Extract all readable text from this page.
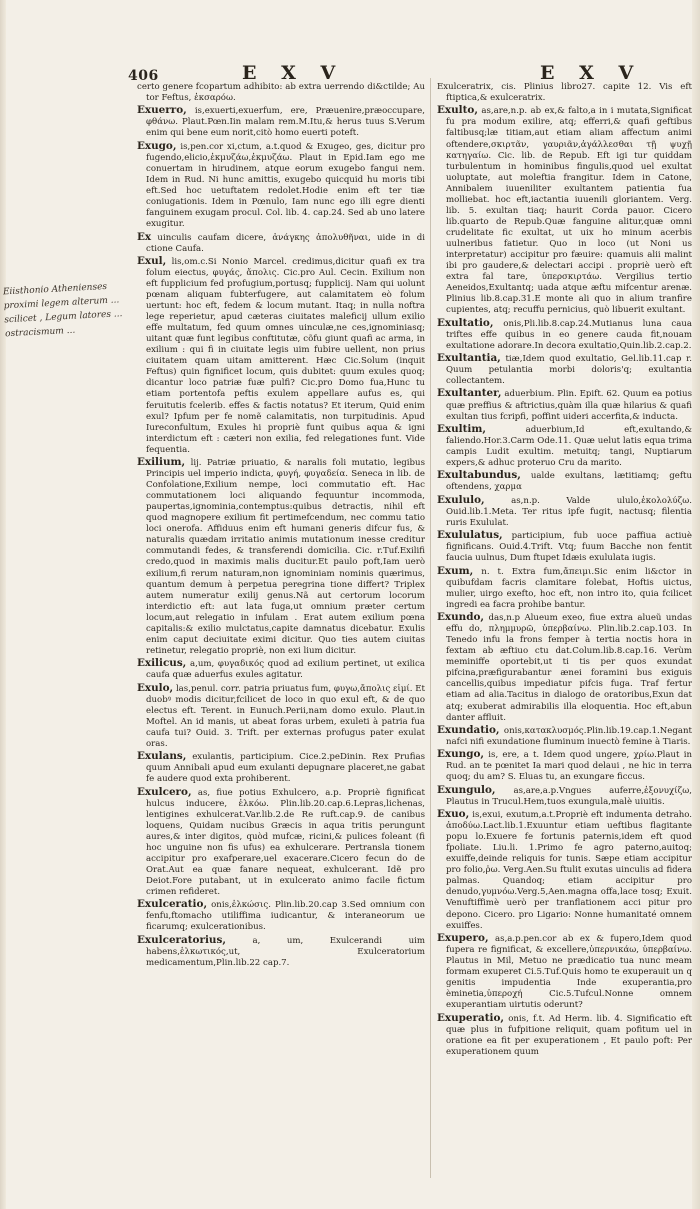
406	E X V	E X V
Eiisthonio Athenienses proximi legem alterum ... scilicet , Legum latores ... ostracismum ...

certo genere fcopartum adhibito: ab extra uerrendo di&ctilde; Au tor Feftus, ἐκσαρόω.

Exuerro, is,exuerti,exuerfum, ere, Præuenire,præoccupare, φθάνω. Plaut.Pœn.Iin malam rem.M.Itu,& herus tuus S.Verum enim qui bene eum norit,citò homo euerti poteft.

Exugo, is,pen.cor xi,ctum, a.t.quod & Exugeo, ges, dicitur pro fugendo,elicio,ἐκμυζάω,ἐκμυζάω. Plaut in Epid.Iam ego me conuertam in hirudinem, atque eorum exugebo fangui nem. Idem in Rud. Ni hunc amittis, exugebo quicquid hu moris tibi eft.Sed hoc uetuftatem redolet.Hodie enim eft ter tiæ coniugationis. Idem in Pœnulo, Iam nunc ego illi egre dienti fanguinem exugam procul. Col. lib. 4. cap.24. Sed ab uno latere exugitur.

Ex uinculis caufam dicere, ἀνάγκης ἀπολυθῆναι, uide in di ctione Caufa.

Exul, lis,om.c.Si Nonio Marcel. credimus,dicitur quafi ex tra folum eiectus, φυγάς, ἄπολις. Cic.pro Aul. Cecin. Exilium non eft fupplicium fed profugium,portusq; fupplicij. Nam qui uolunt pœnam aliquam fubterfugere, aut calamitatem eò folum uertunt: hoc eft, fedem & locum mutant. Itaq; in nulla noftra lege reperietur, apud cæteras ciuitates maleficij ullum exilio effe multatum, fed quum omnes uinculæ,ne ces,ignominiasq; uitant quæ funt legibus conftitutæ, cõfu giunt quafi ac arma, in exilium : qui fi in ciuitate legis uim fubire uellent, non prius ciuitatem quam uitam amitterent. Hæc Cic.Solum (inquit Feftus) quin fignificet locum, quis dubitet: quum exules quoq; dicantur loco patriæ fuæ pulfi? Cic.pro Domo fua,Hunc tu etiam portentofa peftis exulem appellare aufus es, qui feruitutis fcelerib. effes & factis notatus? Et iterum, Quid enim exul? Ipfum per fe nomẽ calamitatis, non turpitudinis. Apud Iureconfultum, Exules hi propriè funt quibus aqua & igni interdictum eft : cæteri non exilia, fed relegationes funt. Vide fequentia.

Exilium, lij. Patriæ priuatio, & naralis foli mutatio, legibus Principis uel imperio indicta, φυγή, φυγαδεία. Seneca in lib. de Confolatione,Exilium nempe, loci commutatio eft. Hac commutationem loci aliquando fequuntur incommoda, paupertas,ignominia,contemptus:quibus detractis, nihil eft quod magnopere exilium fit pertimefcendum, nec commu tatio loci onerofa. Affiduus enim eft humani generis difcur fus, & naturalis quædam irritatio animis mutationum inesse creditur commutandi fedes, & transferendi domicilia. Cic. r.Tuf.Exilifi credo,quod in maximis malis ducitur.Et paulo poft,Iam uerò exilium,fi rerum naturam,non ignominiam nominis quærimus, quantum demum à perpetua peregrina tione differt? Triplex autem numeratur exilij genus.Nã aut certorum locorum interdictio eft: aut lata fuga,ut omnium præter certum locum,aut relegatio in infulam . Erat autem exilium pœna capitalis:& exilio mulctatus,capite damnatus dicebatur. Exulis enim caput deciuitate eximi dicitur. Quo ties autem ciuitas retinetur, relegatio propriè, non exi lium dicitur.

Exilicus, a,um, φυγαδικός quod ad exilium pertinet, ut exilica caufa quæ aduerfus exules agitatur.

Exulo, las,penul. corr. patria priuatus fum, φυγω,ἄπολις εἰμί. Et duobꝰ modis dicitur,fcilicet de loco in quo exul eft, & de quo electus eft. Terent. in Eunuch.Perii,nam domo exulo. Plaut.in Moftel. An id manis, ut abeat foras urbem, exuleti à patria fua caufa tui? Ouid. 3. Trift. per externas profugus pater exulat oras.

Exulans, exulantis, participium. Cice.2.peDinin. Rex Prufias quum Annibali apud eum exulanti depugnare placeret,ne gabat fe audere quod exta prohiberent.

Exulcero, as, fiue potius Exhulcero, a.p. Propriè fignificat hulcus inducere, ἑλκόω. Plin.lib.20.cap.6.Lepras,lichenas, lentigines exhulcerat.Var.lib.2.de Re ruft.cap.9. de canibus loquens, Quidam nucibus Græcis in aqua tritis perungunt aures,& inter digitos, quòd mufcæ, ricini,& pulices foleant (fi hoc unguine non fis ufus) ea exhulcerare. Pertransla tionem accipitur pro exafperare,uel exacerare.Cicero fecun do de Orat.Aut ea quæ fanare nequeat, exhulcerant. Idẽ pro Deiot.Fore putabant, ut in exulcerato animo facile fictum crimen refideret.

Exulceratio, onis,ἐλκώσις. Plin.lib.20.cap 3.Sed omnium con fenfu,ftomacho utiliffima iudicantur, & interaneorum ue ficarumq; exulcerationibus.

Exulceratorius,	a, um, Exulcerandi uim habens,ἑλκωτικός,ut, Exulceratorium medicamentum,Plin.lib.22 cap.7.

Exulceratrix, cis. Plinius libro27. capite 12. Vis eft ftiptica,& exulceratrix.

Exulto, as,are,n.p. ab ex,& falto,a in i mutata,Significat fu pra modum exilire, atq; efferri,& quafi geftibus faltibusq;læ titiam,aut etiam aliam affectum animi oftendere,σκιρτᾶν, γαυριᾶν,ἀγάλλεσθαι τῇ ψυχῇ κατηγαίω. Cic. lib. de Repub. Eft igi tur quiddam turbulentum in hominibus fingulis,quod uel exultat uoluptate, aut moleftia frangitur. Idem in Catone, Annibalem iuueniliter exultantem patientia fua molliebat. hoc eft,iactantia iuuenili gloriantem. Verg. lib. 5. exultan tiaq; haurit Corda pauor. Cicero lib.quarto de Repub.Quæ fanguine alitur,quæ omni crudelitate fic exultat, ut uix ho minum acerbis uulneribus fatietur. Quo in loco (ut Noni us interpretatur) accipitur pro fæuire: quamuis alii malint ibi pro gaudere,& delectari accipi . propriè uerò eft extra fal tare, ὑπερσκιρτάω. Vergilius tertio Aeneidos,Exultantq; uada atque æftu mifcentur arenæ. Plinius lib.8.cap.31.E monte ali quo in alium tranfire cupientes, atq; recuffu pernicius, quò libuerit exultant.

Exultatio, onis,Pli.lib.8.cap.24.Mutianus luna caua triftes effe quibus in eo genere cauda fit,nouam exultatione adorare.In decora exultatio,Quin.lib.2.cap.2.

Exultantia, tiæ,Idem quod exultatio, Gel.lib.11.cap r. Quum petulantia morbi doloris'q; exultantia collectantem.

Exultanter, aduerbium. Plin. Epift. 62. Quum ea potius quæ preffius & aftrictius,quàm illa quæ hilarius & quafi exultan tius fcripfi, poffint uideri accerfita,& inducta.

Exultim,	aduerbium,Id eft,exultando,& faliendo.Hor.3.Carm Ode.11. Quæ uelut latis equa trima campis Ludit exultim. metuitq; tangi, Nuptiarum expers,& adhuc proteruo Cru da marito.

Exultabundus, ualde exultans, lætitiamq; geftu oftendens, χαρμα

Exululo,	as,n.p. Valde ululo,ἐκολολύζω. Ouid.lib.1.Meta. Ter ritus ipfe fugit, nactusq; filentia ruris Exululat.

Exululatus, participium, fub uoce paffiua actiuè fignificans. Ouid.4.Trift. Vtq; fuum Bacche non fentit faucia uulnus, Dum ftupet Idæis exululata iugis.

Exum, n. t. Extra fum,ἄπειμι.Sic enim li&ctor in quibufdam facris clamitare folebat, Hoftis uictus, mulier, uirgo exefto, hoc eft, non intro ito, quia fcilicet ingredi ea facra prohibe bantur.

Exundo, das,n.p Alueum exeo, fiue extra alueũ undas effu do, πλημμυρῶ, ὑπερβαίνω. Plin.lib.2.cap.103. In Tenedo infu la frons femper à tertia noctis hora in fextam ab æftiuo ctu dat.Colum.lib.8.cap.16. Verùm meminiffe oportebit,ut ti tis per quos exundat pifcina,præfigurabantur ænei foramini bus exiguis cancellis,quibus impediatur pifcis fuga. Traf fertur etiam ad alia.Tacitus in dialogo de oratoribus,Exun dat atq; exuberat admirabilis illa eloquentia. Hoc eft,abun danter affluit.

Exundatio, onis,κατακλυσμός.Plin.lib.19.cap.1.Negant nafci nifi exundatione fluminum inuectò femine à Tiaris.

Exungo, is, ere, a t. Idem quod ungere, χρίω.Plaut in Rud. an te pœnitet Ia mari quod delaui , ne hic in terra quoq; du am? S. Eluas tu, an exungare ficcus.

Exungulo, as,are,a.p.Vngues auferre,ἐξονυχίζω, Plautus in Trucul.Hem,tuos exungula,malè uiuitis.

Exuo, is,exui, exutum,a.t.Propriè eft indumenta detraho. ἀποδύω.Lact.lib.1.Exuuntur etiam ueftibus flagitante popu lo.Exuere fe fortunis paternis,idem eft quod fpoliate. Liu.li. 1.Primo fe agro paterno,auitoq; exuiffe,deinde reliquis for tunis. Sæpe etiam accipitur pro folio,ῥω. Verg.Aen.Su ftulit exutas uinculis ad fidera palmas. Quandoq; etiam accipitur pro denudo,γυμνόω.Verg.5,Aen.magna offa,lace tosq; Exuit. Venuftiffimè uerò per tranflationem acci pitur pro depono. Cicero. pro Ligario: Nonne humanitaté omnem exuiffes.

Exupero, as,a.p.pen.cor ab ex & fupero,Idem quod fupera re fignificat, & excellere,ὑπερνικάω, ὑπερβαίνω. Plautus in Mil, Metuo ne prædicatio tua nunc meam formam exuperet Ci.5.Tuf.Quis homo te exuperauit un q genitis impudentia Inde exuperantia,pro èminetia,ὑπεροχή Cic.5.Tufcul.Nonne omnem exuperantiam uirtutis oderunt?

Exuperatio, onis, f.t. Ad Herm. lib. 4. Significatio eft quæ plus in fufpitione reliquit, quam pofitum uel in oratione ea fit per exuperationem , Et paulo poft: Per exuperationem quum
